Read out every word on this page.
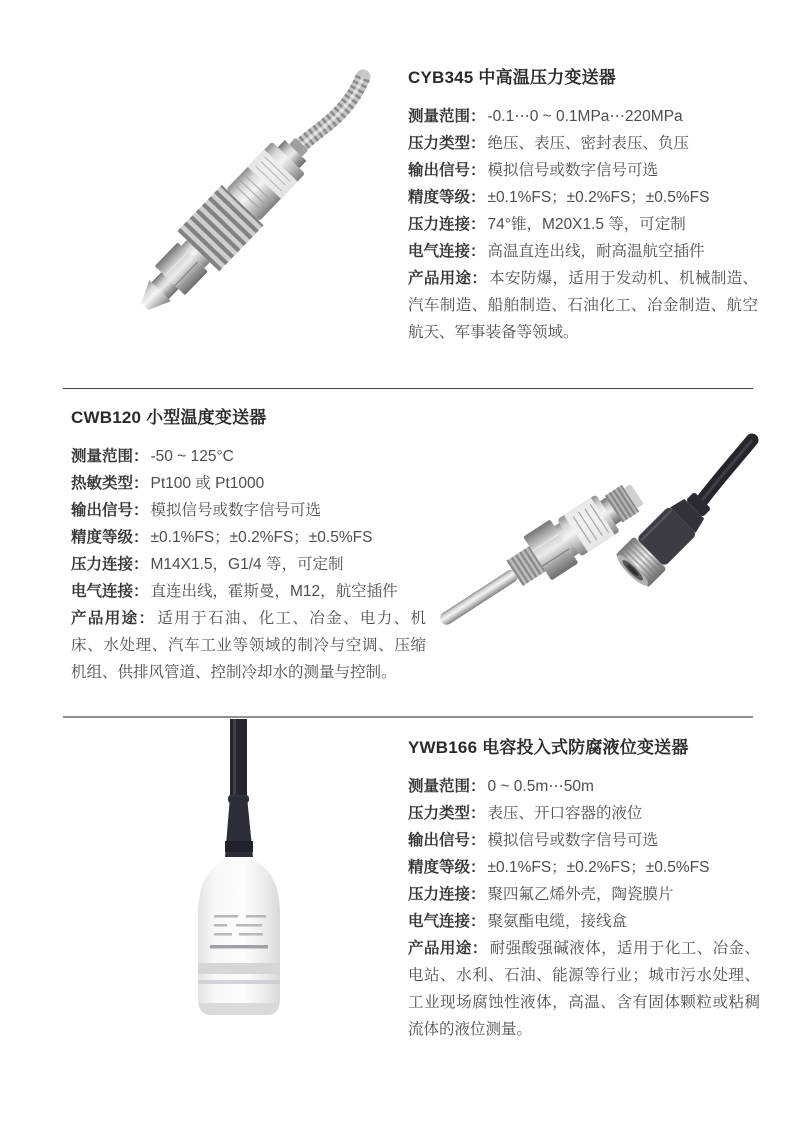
CYB345 中高温压力变送器

测量范围： -0.1⋯0 ~ 0.1MPa⋯220MPa

压力类型： 绝压、表压、密封表压、负压

输出信号： 模拟信号或数字信号可选

精度等级： ±0.1%FS；±0.2%FS；±0.5%FS

压力连接： 74°锥，M20X1.5 等，可定制

电气连接： 高温直连出线，耐高温航空插件

产品用途： 本安防爆，适用于发动机、机械制造、汽车制造、船舶制造、石油化工、冶金制造、航空航天、军事装备等领域。

CWB120 小型温度变送器

测量范围： -50 ~ 125°C

热敏类型： Pt100 或 Pt1000

输出信号： 模拟信号或数字信号可选

精度等级： ±0.1%FS；±0.2%FS；±0.5%FS

压力连接： M14X1.5，G1/4 等，可定制

电气连接： 直连出线，霍斯曼，M12，航空插件

产品用途： 适用于石油、化工、冶金、电力、机床、水处理、汽车工业等领域的制冷与空调、压缩机组、供排风管道、控制冷却水的测量与控制。

YWB166 电容投入式防腐液位变送器

测量范围： 0 ~ 0.5m⋯50m

压力类型： 表压、开口容器的液位

输出信号： 模拟信号或数字信号可选

精度等级： ±0.1%FS；±0.2%FS；±0.5%FS

压力连接： 聚四氟乙烯外壳，陶瓷膜片

电气连接： 聚氨酯电缆，接线盒

产品用途： 耐强酸强碱液体，适用于化工、冶金、电站、水利、石油、能源等行业；城市污水处理、工业现场腐蚀性液体，高温、含有固体颗粒或粘稠流体的液位测量。
